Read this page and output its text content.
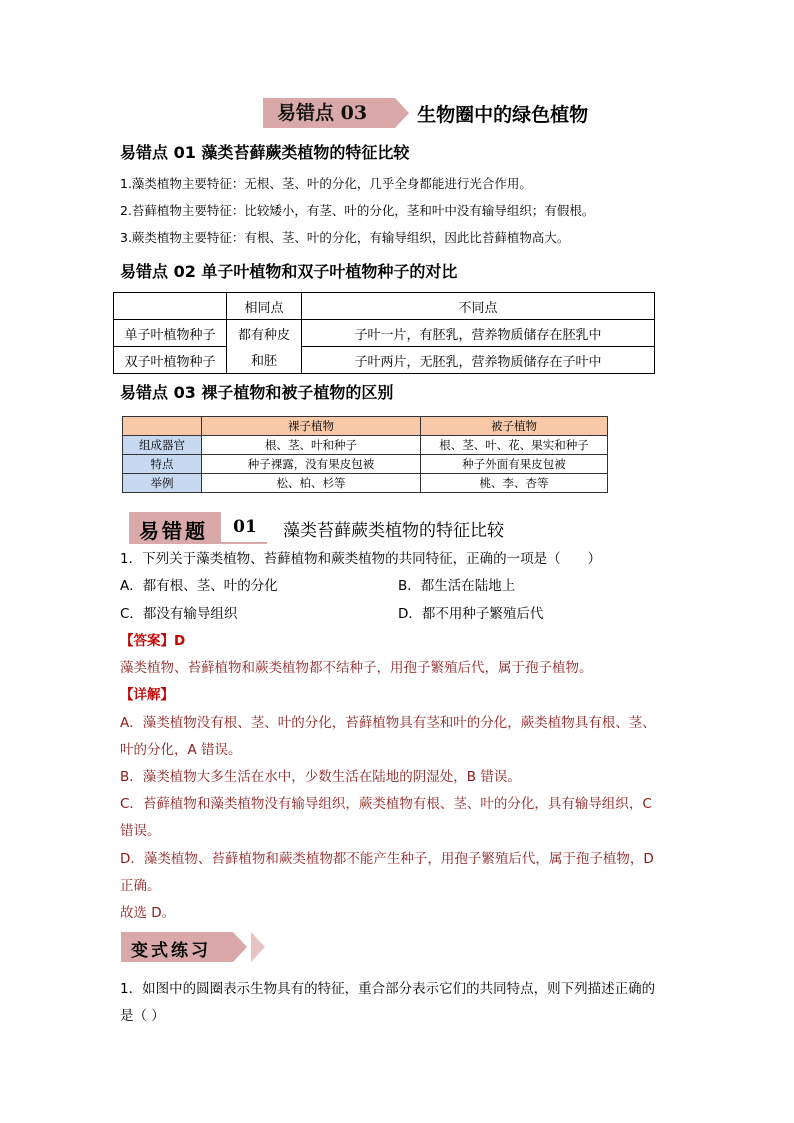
易错点 03	生物圈中的绿色植物
易错点 01 藻类苔藓蕨类植物的特征比较
1.藻类植物主要特征：无根、茎、叶的分化，几乎全身都能进行光合作用。
2.苔藓植物主要特征：比较矮小，有茎、叶的分化，茎和叶中没有输导组织；有假根。
3.蕨类植物主要特征：有根、茎、叶的分化，有输导组织，因此比苔藓植物高大。
易错点 02 单子叶植物和双子叶植物种子的对比
	相同点	不同点
单子叶植物种子	都有种皮	子叶一片，有胚乳，营养物质储存在胚乳中
双子叶植物种子	和胚	子叶两片，无胚乳，营养物质储存在子叶中
易错点 03 裸子植物和被子植物的区别
	裸子植物	被子植物
组成器官	根、茎、叶和种子	根、茎、叶、花、果实和种子
特点	种子裸露，没有果皮包被	种子外面有果皮包被
举例	松、柏、杉等	桃、李、杏等
易错题	01	藻类苔藓蕨类植物的特征比较
1．下列关于藻类植物、苔藓植物和蕨类植物的共同特征，正确的一项是（　　）
A．都有根、茎、叶的分化	B．都生活在陆地上
C．都没有输导组织	D．都不用种子繁殖后代
【答案】D
藻类植物、苔藓植物和蕨类植物都不结种子，用孢子繁殖后代，属于孢子植物。
【详解】
A．藻类植物没有根、茎、叶的分化，苔藓植物具有茎和叶的分化，蕨类植物具有根、茎、
叶的分化，A 错误。
B．藻类植物大多生活在水中，少数生活在陆地的阴湿处，B 错误。
C．苔藓植物和藻类植物没有输导组织，蕨类植物有根、茎、叶的分化，具有输导组织，C
错误。
D．藻类植物、苔藓植物和蕨类植物都不能产生种子，用孢子繁殖后代，属于孢子植物，D
正确。
故选 D。
变式练习
1．如图中的圆圈表示生物具有的特征，重合部分表示它们的共同特点，则下列描述正确的
是（ ）
